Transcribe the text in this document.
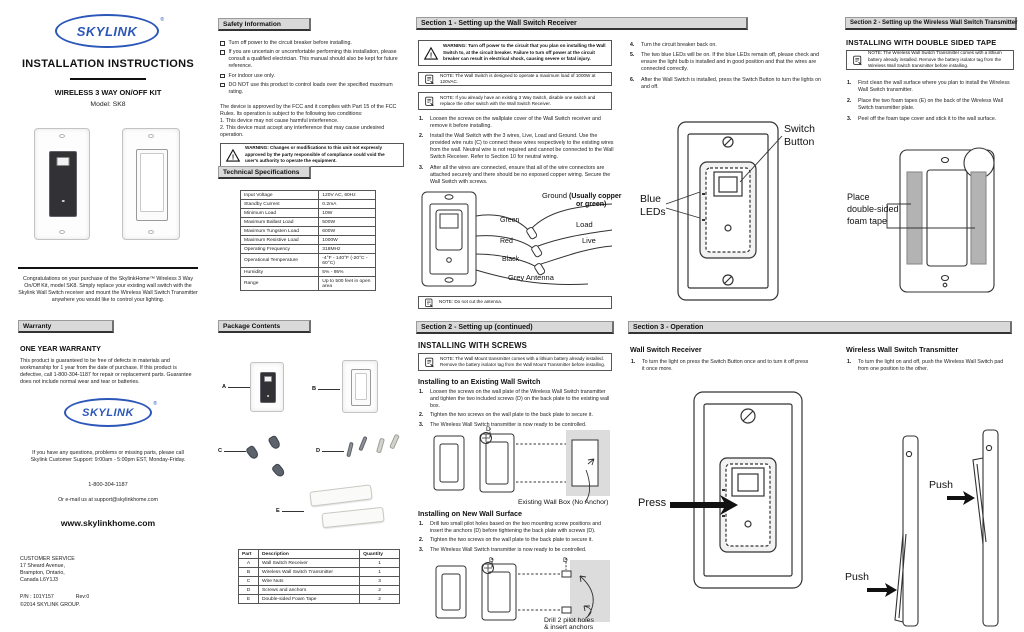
SKYLINK
®
INSTALLATION INSTRUCTIONS
WIRELESS 3 WAY ON/OFF KIT
Model: SK8
Congratulations on your purchase of the SkylinkHome™ Wireless 3 Way On/Off Kit, model SK8. Simply replace your existing wall switch with the Skylink Wall Switch receiver and mount the Wireless Wall Switch Transmitter anywhere you would like to control your lighting.
Warranty
ONE YEAR WARRANTY
This product is guaranteed to be free of defects in materials and workmanship for 1 year from the date of purchase. If this product is defective, call 1-800-304-1187 for repair or replacement parts. Guarantee does not include normal wear and tear or batteries.
SKYLINK
®
If you have any questions, problems or missing parts, please call Skylink Customer Support: 9:00am - 5:00pm EST, Monday-Friday.
1-800-304-1187
Or e-mail us at support@skylinkhome.com
www.skylinkhome.com
CUSTOMER SERVICE
17 Sheard Avenue,
Brampton, Ontario,
Canada L6Y1J3
P/N : 101Y157	Rev:0
©2014 SKYLINK GROUP.
Safety Information
Turn off power to the circuit breaker before installing.
If you are uncertain or uncomfortable performing this installation, please consult a qualified electrician. This manual should also be kept for future reference.
For indoor use only.
DO NOT use this product to control loads over the specified maximum rating.
The device is approved by the FCC and it complies with Part 15 of the FCC Rules. Its operation is subject to the following two conditions:
1. This device may not cause harmful interference.
2. This device must accept any interference that may cause undesired operation.
!
WARNING: Changes or modifications to this unit not expressly approved by the party responsible of compliance could void the user's authority to operate the equipment.
Technical Specifications
Input Voltage	120V AC, 60Hz
Standby Current	0.2mA
Minimum Load	10W
Maximum Ballast Load	500W
Maximum Tungsten Load	600W
Maximum Resistive Load	1000W
Operating Frequency	318MHz
Operational Temperature	-4°F - 140°F (-20°C - 60°C)
Humidity	5% - 95%
Range	Up to 500 feet in open area
Package Contents
A	B
C	D
E
Part	Description	Quantity
A	Wall Switch Receiver	1
B	Wireless Wall Switch Transmitter	1
C	Wire Nuts	3
D	Screws and anchors	2
E	Double-sided Foam Tape	2
Section 1 - Setting up the Wall Switch Receiver
!
WARNING: Turn off power to the circuit that you plan on installing the Wall Switch to, at the circuit breaker. Failure to turn off power at the circuit breaker can result in electrical shock, causing severe or fatal injury.
NOTE: The Wall Switch is designed to operate a maximum load of 1000W at 120VAC.
NOTE: If you already have an existing 3 Way Switch, disable one switch and replace the other switch with the Wall Switch Receiver.
1.	Loosen the screws on the wallplate cover of the Wall Switch receiver and remove it before installing.
2.	Install the Wall Switch with the 3 wires, Live, Load and Ground. Use the provided wire nuts (C) to connect these wires respectively to the existing wires from the wall. Neutral wire is not required and cannot be connected to the Wall Switch Receiver. Refer to Section 10 for neutral wiring.
3.	After all the wires are connected, ensure that all of the wire connectors are attached securely and there should be no exposed copper wiring. Secure the Wall Switch with screws.
Green
Red
Black
Ground (Usually copper
or green)
Load
Live
Grey Antenna
NOTE: Do not cut the antenna.
Section 2 - Setting up (continued)
INSTALLING WITH SCREWS
NOTE: The Wall Mount transmitter comes with a lithium battery already installed. Remove the battery isolator tag from the Wall Mount Transmitter before installing.
Installing to an Existing Wall Switch
1.	Loosen the screws on the wall plate of the Wireless Wall Switch transmitter and tighten the two included screws (D) on the back plate to the existing wall box.
2.	Tighten the two screws on the wall plate to the back plate to secure it.
3.	The Wireless Wall Switch transmitter is now ready to be controlled.
D
Existing Wall Box (No Anchor)
Installing on New Wall Surface
1.	Drill two small pilot holes based on the two mounting screw positions and insert the anchors (D) before tightening the back plate with screws (D).
2.	Tighten the two screws on the wall plate to the back plate to secure it.
3.	The Wireless Wall Switch transmitter is now ready to be controlled.
D	D
Drill 2 pilot holes
& insert anchors
4.	Turn the circuit breaker back on.
5.	The two blue LEDs will be on. If the blue LEDs remain off, please check and ensure the light bulb is installed and in good position and that the wires are connected correctly.
6.	After the Wall Switch is installed, press the Switch Button to turn the lights on and off.
Switch
Button
Blue
LEDs
Section 3 - Operation
Wall Switch Receiver
1.	To turn the light on press the Switch Button once and to turn it off press it once more.
Press
Wireless Wall Switch Transmitter
1.	To turn the light on and off, push the Wireless Wall Switch pad from one position to the other.
Push
Push
Section 2 - Setting up the Wireless Wall Switch Transmitter
INSTALLING WITH DOUBLE SIDED TAPE
NOTE: The Wireless Wall Switch Transmitter comes with a lithium battery already installed. Remove the battery isolator tag from the Wireless Wall Switch transmitter before installing.
1.	First clean the wall surface where you plan to install the Wireless Wall Switch transmitter.
2.	Place the two foam tapes (E) on the back of the Wireless Wall Switch transmitter plate.
3.	Peel off the foam tape cover and stick it to the wall surface.
Place
double-sided
foam tape
